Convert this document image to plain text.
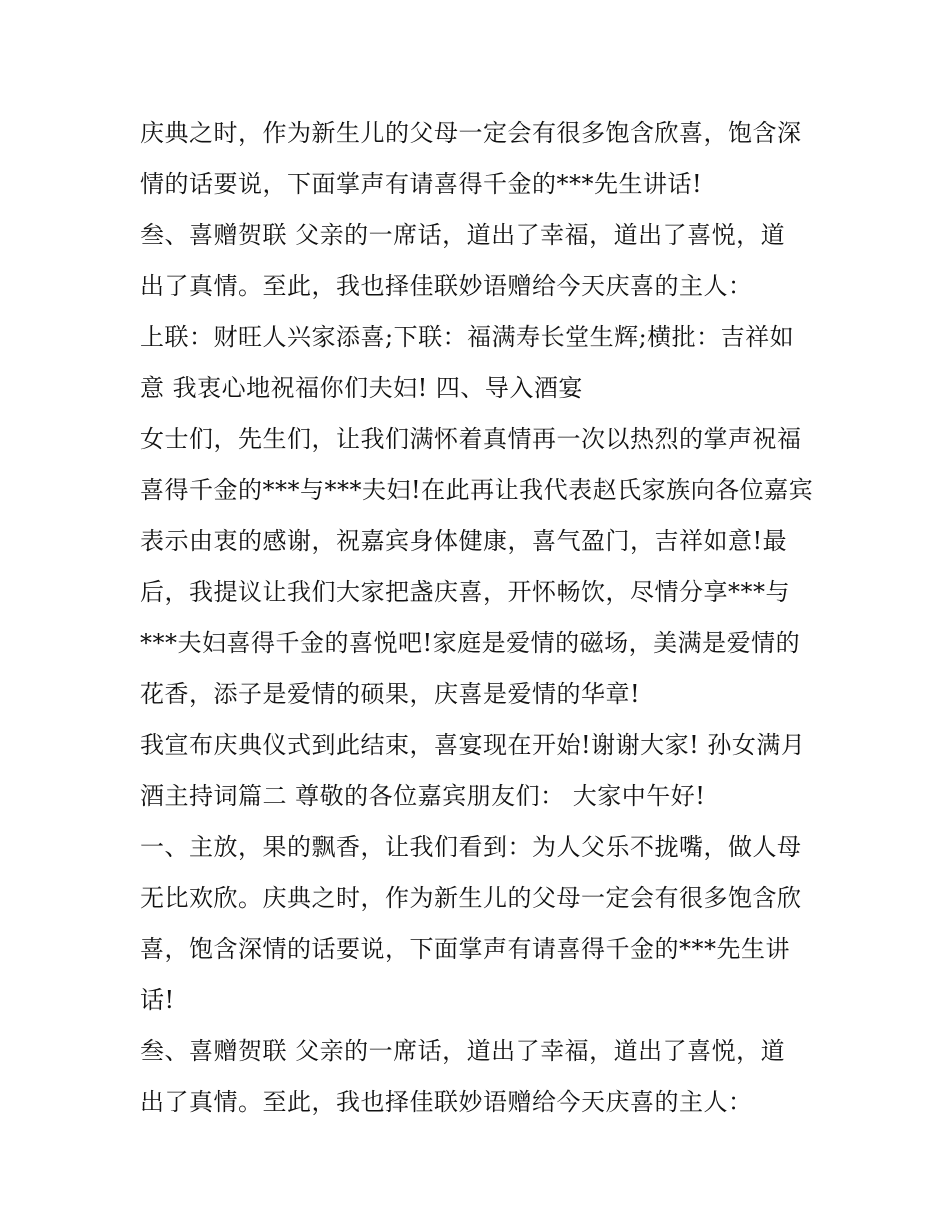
庆典之时，作为新生儿的父母一定会有很多饱含欣喜，饱含深
情的话要说，下面掌声有请喜得千金的***先生讲话!
叁、喜赠贺联 父亲的一席话，道出了幸福，道出了喜悦，道
出了真情。至此，我也择佳联妙语赠给今天庆喜的主人：
上联：财旺人兴家添喜;下联：福满寿长堂生辉;横批：吉祥如
意 我衷心地祝福你们夫妇! 四、导入酒宴
女士们，先生们，让我们满怀着真情再一次以热烈的掌声祝福
喜得千金的***与***夫妇!在此再让我代表赵氏家族向各位嘉宾
表示由衷的感谢，祝嘉宾身体健康，喜气盈门，吉祥如意!最
后，我提议让我们大家把盏庆喜，开怀畅饮，尽情分享***与
***夫妇喜得千金的喜悦吧!家庭是爱情的磁场，美满是爱情的
花香，添子是爱情的硕果，庆喜是爱情的华章!
我宣布庆典仪式到此结束，喜宴现在开始!谢谢大家! 孙女满月
酒主持词篇二 尊敬的各位嘉宾朋友们： 大家中午好!
一、主放，果的飘香，让我们看到：为人父乐不拢嘴，做人母
无比欢欣。庆典之时，作为新生儿的父母一定会有很多饱含欣
喜，饱含深情的话要说，下面掌声有请喜得千金的***先生讲
话!
叁、喜赠贺联 父亲的一席话，道出了幸福，道出了喜悦，道
出了真情。至此，我也择佳联妙语赠给今天庆喜的主人：
